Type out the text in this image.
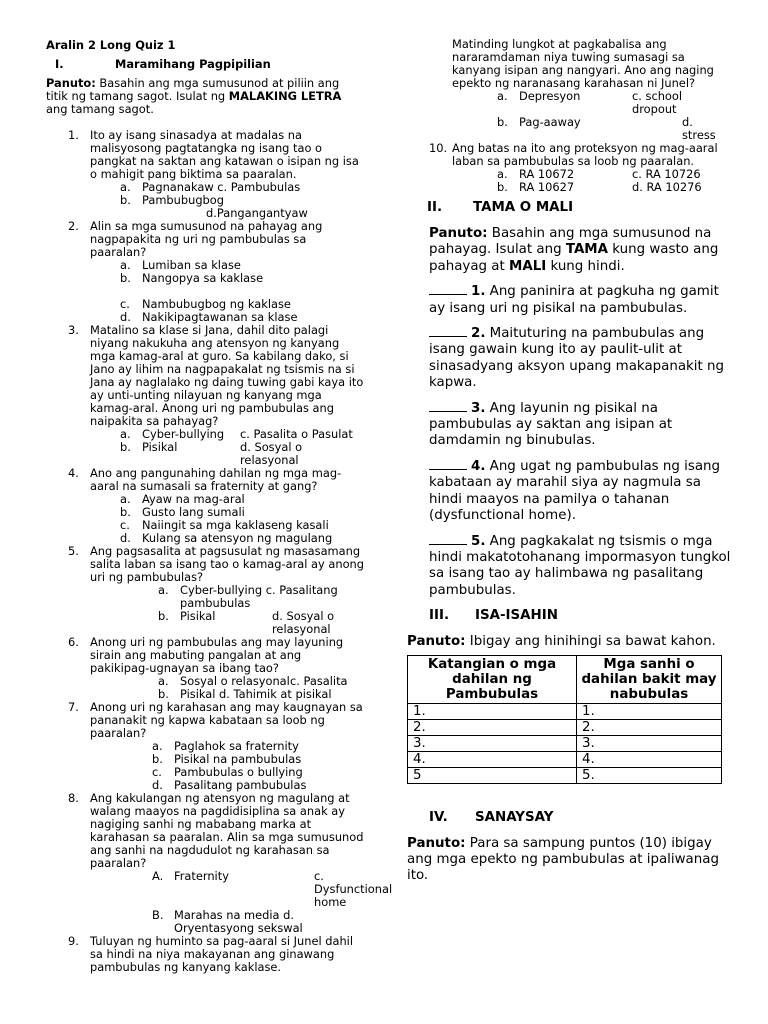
Aralin 2 Long Quiz 1

I.	Maramihang Pagpipilian

Panuto: Basahin ang mga sumusunod at piliin ang titik ng tamang sagot. Isulat ng MALAKING LETRA ang tamang sagot.

1. Ito ay isang sinasadya at madalas na malisyosong pagtatangka ng isang tao o pangkat na saktan ang katawan o isipan ng isa o mahigit pang biktima sa paaralan.

a. Pagnanakaw c. Pambubulas
b. Pambubugbog
d.Pangangantyaw
2. Alin sa mga sumusunod na pahayag ang nagpapakita ng uri ng pambubulas sa paaralan?

a. Lumiban sa klase
b. Nangopya sa kaklase
c. Nambubugbog ng kaklase
d. Nakikipagtawanan sa klase
3. Matalino sa klase si Jana, dahil dito palagi niyang nakukuha ang atensyon ng kanyang mga kamag-aral at guro. Sa kabilang dako, si Jano ay lihim na nagpapakalat ng tsismis na si Jana ay naglalako ng daing tuwing gabi kaya ito ay unti-unting nilayuan ng kanyang mga kamag-aral. Anong uri ng pambubulas ang naipakita sa pahayag?

a. Cyber-bullying	c. Pasalita o Pasulat
b. Pisikal	d. Sosyal o relasyonal
4. Ano ang pangunahing dahilan ng mga mag-aaral na sumasali sa fraternity at gang?

a. Ayaw na mag-aral
b. Gusto lang sumali
c. Naiingit sa mga kaklaseng kasali
d. Kulang sa atensyon ng magulang
5. Ang pagsasalita at pagsusulat ng masasamang salita laban sa isang tao o kamag-aral ay anong uri ng pambubulas?

a. Cyber-bullying c. Pasalitang pambubulas
b. Pisikal	d. Sosyal o relasyonal
6. Anong uri ng pambubulas ang may layuning sirain ang mabuting pangalan at ang pakikipag-ugnayan sa ibang tao?

a. Sosyal o relasyonal c. Pasalita
b. Pisikal d. Tahimik at pisikal
7. Anong uri ng karahasan ang may kaugnayan sa pananakit ng kapwa kabataan sa loob ng paaralan?

a. Paglahok sa fraternity
b. Pisikal na pambubulas
c. Pambubulas o bullying
d. Pasalitang pambubulas
8. Ang kakulangan ng atensyon ng magulang at walang maayos na pagdidisiplina sa anak ay nagiging sanhi ng mababang marka at karahasan sa paaralan. Alin sa mga sumusunod ang sanhi na nagdudulot ng karahasan sa paaralan?

A. Fraternity	c. Dysfunctional home
B. Marahas na media d. Oryentasyong sekswal
9. Tuluyan ng huminto sa pag-aaral si Junel dahil sa hindi na niya makayanan ang ginawang pambubulas ng kanyang kaklase.

Matinding lungkot at pagkabalisa ang nararamdaman niya tuwing sumasagi sa kanyang isipan ang nangyari. Ano ang naging epekto ng naranasang karahasan ni Junel?

a. Depresyon	c. school dropout
b. Pag-aaway	d. stress
10. Ang batas na ito ang proteksyon ng mag-aaral laban sa pambubulas sa loob ng paaralan.

a. RA 10672	c. RA 10726
b. RA 10627	d. RA 10276
II.	TAMA O MALI

Panuto: Basahin ang mga sumusunod na pahayag. Isulat ang TAMA kung wasto ang pahayag at MALI kung hindi.

1. Ang paninira at pagkuha ng gamit ay isang uri ng pisikal na pambubulas.

2. Maituturing na pambubulas ang isang gawain kung ito ay paulit-ulit at sinasadyang aksyon upang makapanakit ng kapwa.

3. Ang layunin ng pisikal na pambubulas ay saktan ang isipan at damdamin ng binubulas.

4. Ang ugat ng pambubulas ng isang kabataan ay marahil siya ay nagmula sa hindi maayos na pamilya o tahanan (dysfunctional home).

5. Ang pagkakalat ng tsismis o mga hindi makatotohanang impormasyon tungkol sa isang tao ay halimbawa ng pasalitang pambubulas.

III.	ISA-ISAHIN

Panuto: Ibigay ang hinihingi sa bawat kahon.

Katangian o mga dahilan ng Pambubulas	Mga sanhi o dahilan bakit may nabubulas
1.	1.
2.	2.
3.	3.
4.	4.
5	5.
IV.	SANAYSAY

Panuto: Para sa sampung puntos (10) ibigay ang mga epekto ng pambubulas at ipaliwanag ito.
